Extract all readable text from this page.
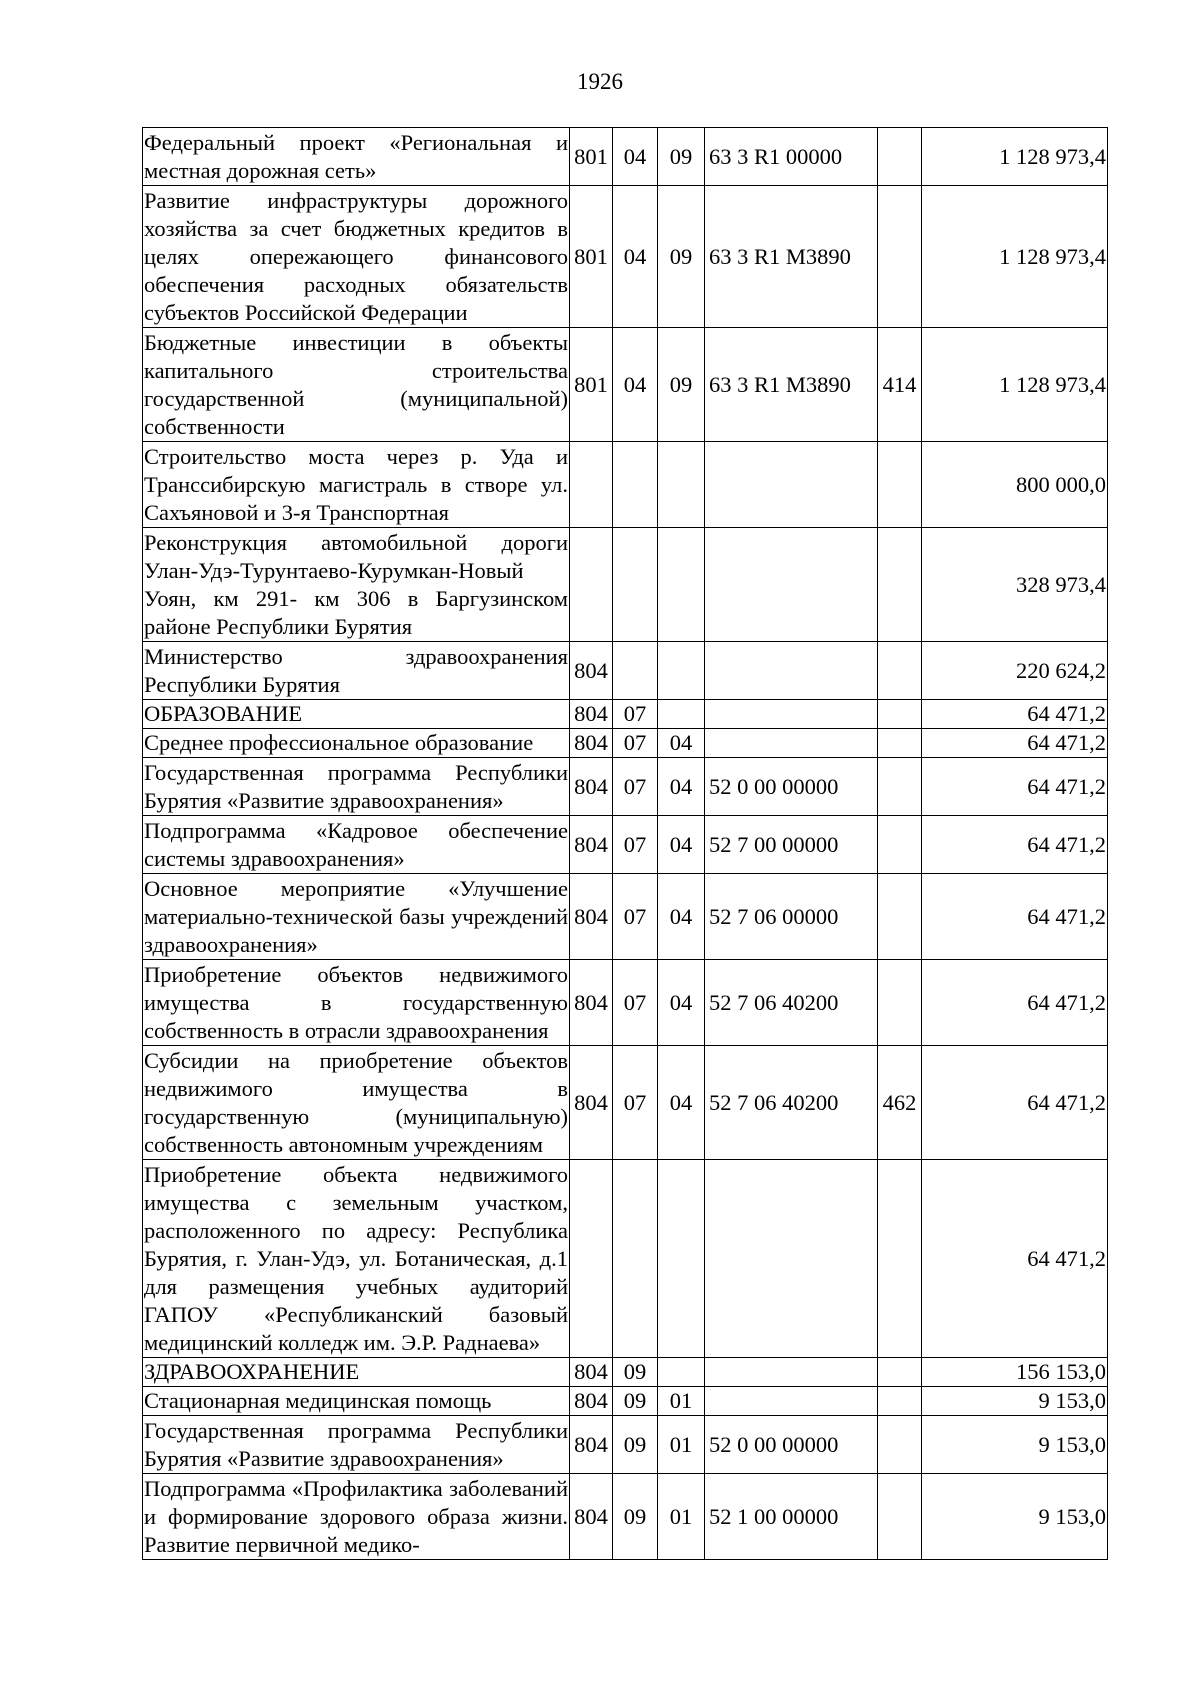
1926
Федеральный проект «Региональная и местная дорожная сеть»	801	04	09	63 3 R1 00000		1 128 973,4
Развитие инфраструктуры дорожного хозяйства за счет бюджетных кредитов в целях опережающего финансового обеспечения расходных обязательств субъектов Российской Федерации	801	04	09	63 3 R1 M3890		1 128 973,4
Бюджетные инвестиции в объекты капитального строительства государственной (муниципальной) собственности	801	04	09	63 3 R1 M3890	414	1 128 973,4
Строительство моста через р. Уда и Транссибирскую магистраль в створе ул. Сахъяновой и 3-я Транспортная						800 000,0
Реконструкция автомобильной дороги Улан-Удэ-Турунтаево-Курумкан-Новый Уоян, км 291- км 306 в Баргузинском районе Республики Бурятия						328 973,4
Министерство здравоохранения Республики Бурятия	804					220 624,2
ОБРАЗОВАНИЕ	804	07				64 471,2
Среднее профессиональное образование	804	07	04			64 471,2
Государственная программа Республики Бурятия «Развитие здравоохранения»	804	07	04	52 0 00 00000		64 471,2
Подпрограмма «Кадровое обеспечение системы здравоохранения»	804	07	04	52 7 00 00000		64 471,2
Основное мероприятие «Улучшение материально-технической базы учреждений здравоохранения»	804	07	04	52 7 06 00000		64 471,2
Приобретение объектов недвижимого имущества в государственную собственность в отрасли здравоохранения	804	07	04	52 7 06 40200		64 471,2
Субсидии на приобретение объектов недвижимого имущества в государственную (муниципальную) собственность автономным учреждениям	804	07	04	52 7 06 40200	462	64 471,2
Приобретение объекта недвижимого имущества с земельным участком, расположенного по адресу: Республика Бурятия, г. Улан-Удэ, ул. Ботаническая, д.1 для размещения учебных аудиторий ГАПОУ «Республиканский базовый медицинский колледж им. Э.Р. Раднаева»						64 471,2
ЗДРАВООХРАНЕНИЕ	804	09				156 153,0
Стационарная медицинская помощь	804	09	01			9 153,0
Государственная программа Республики Бурятия «Развитие здравоохранения»	804	09	01	52 0 00 00000		9 153,0
Подпрограмма «Профилактика заболеваний и формирование здорового образа жизни. Развитие первичной медико-	804	09	01	52 1 00 00000		9 153,0
